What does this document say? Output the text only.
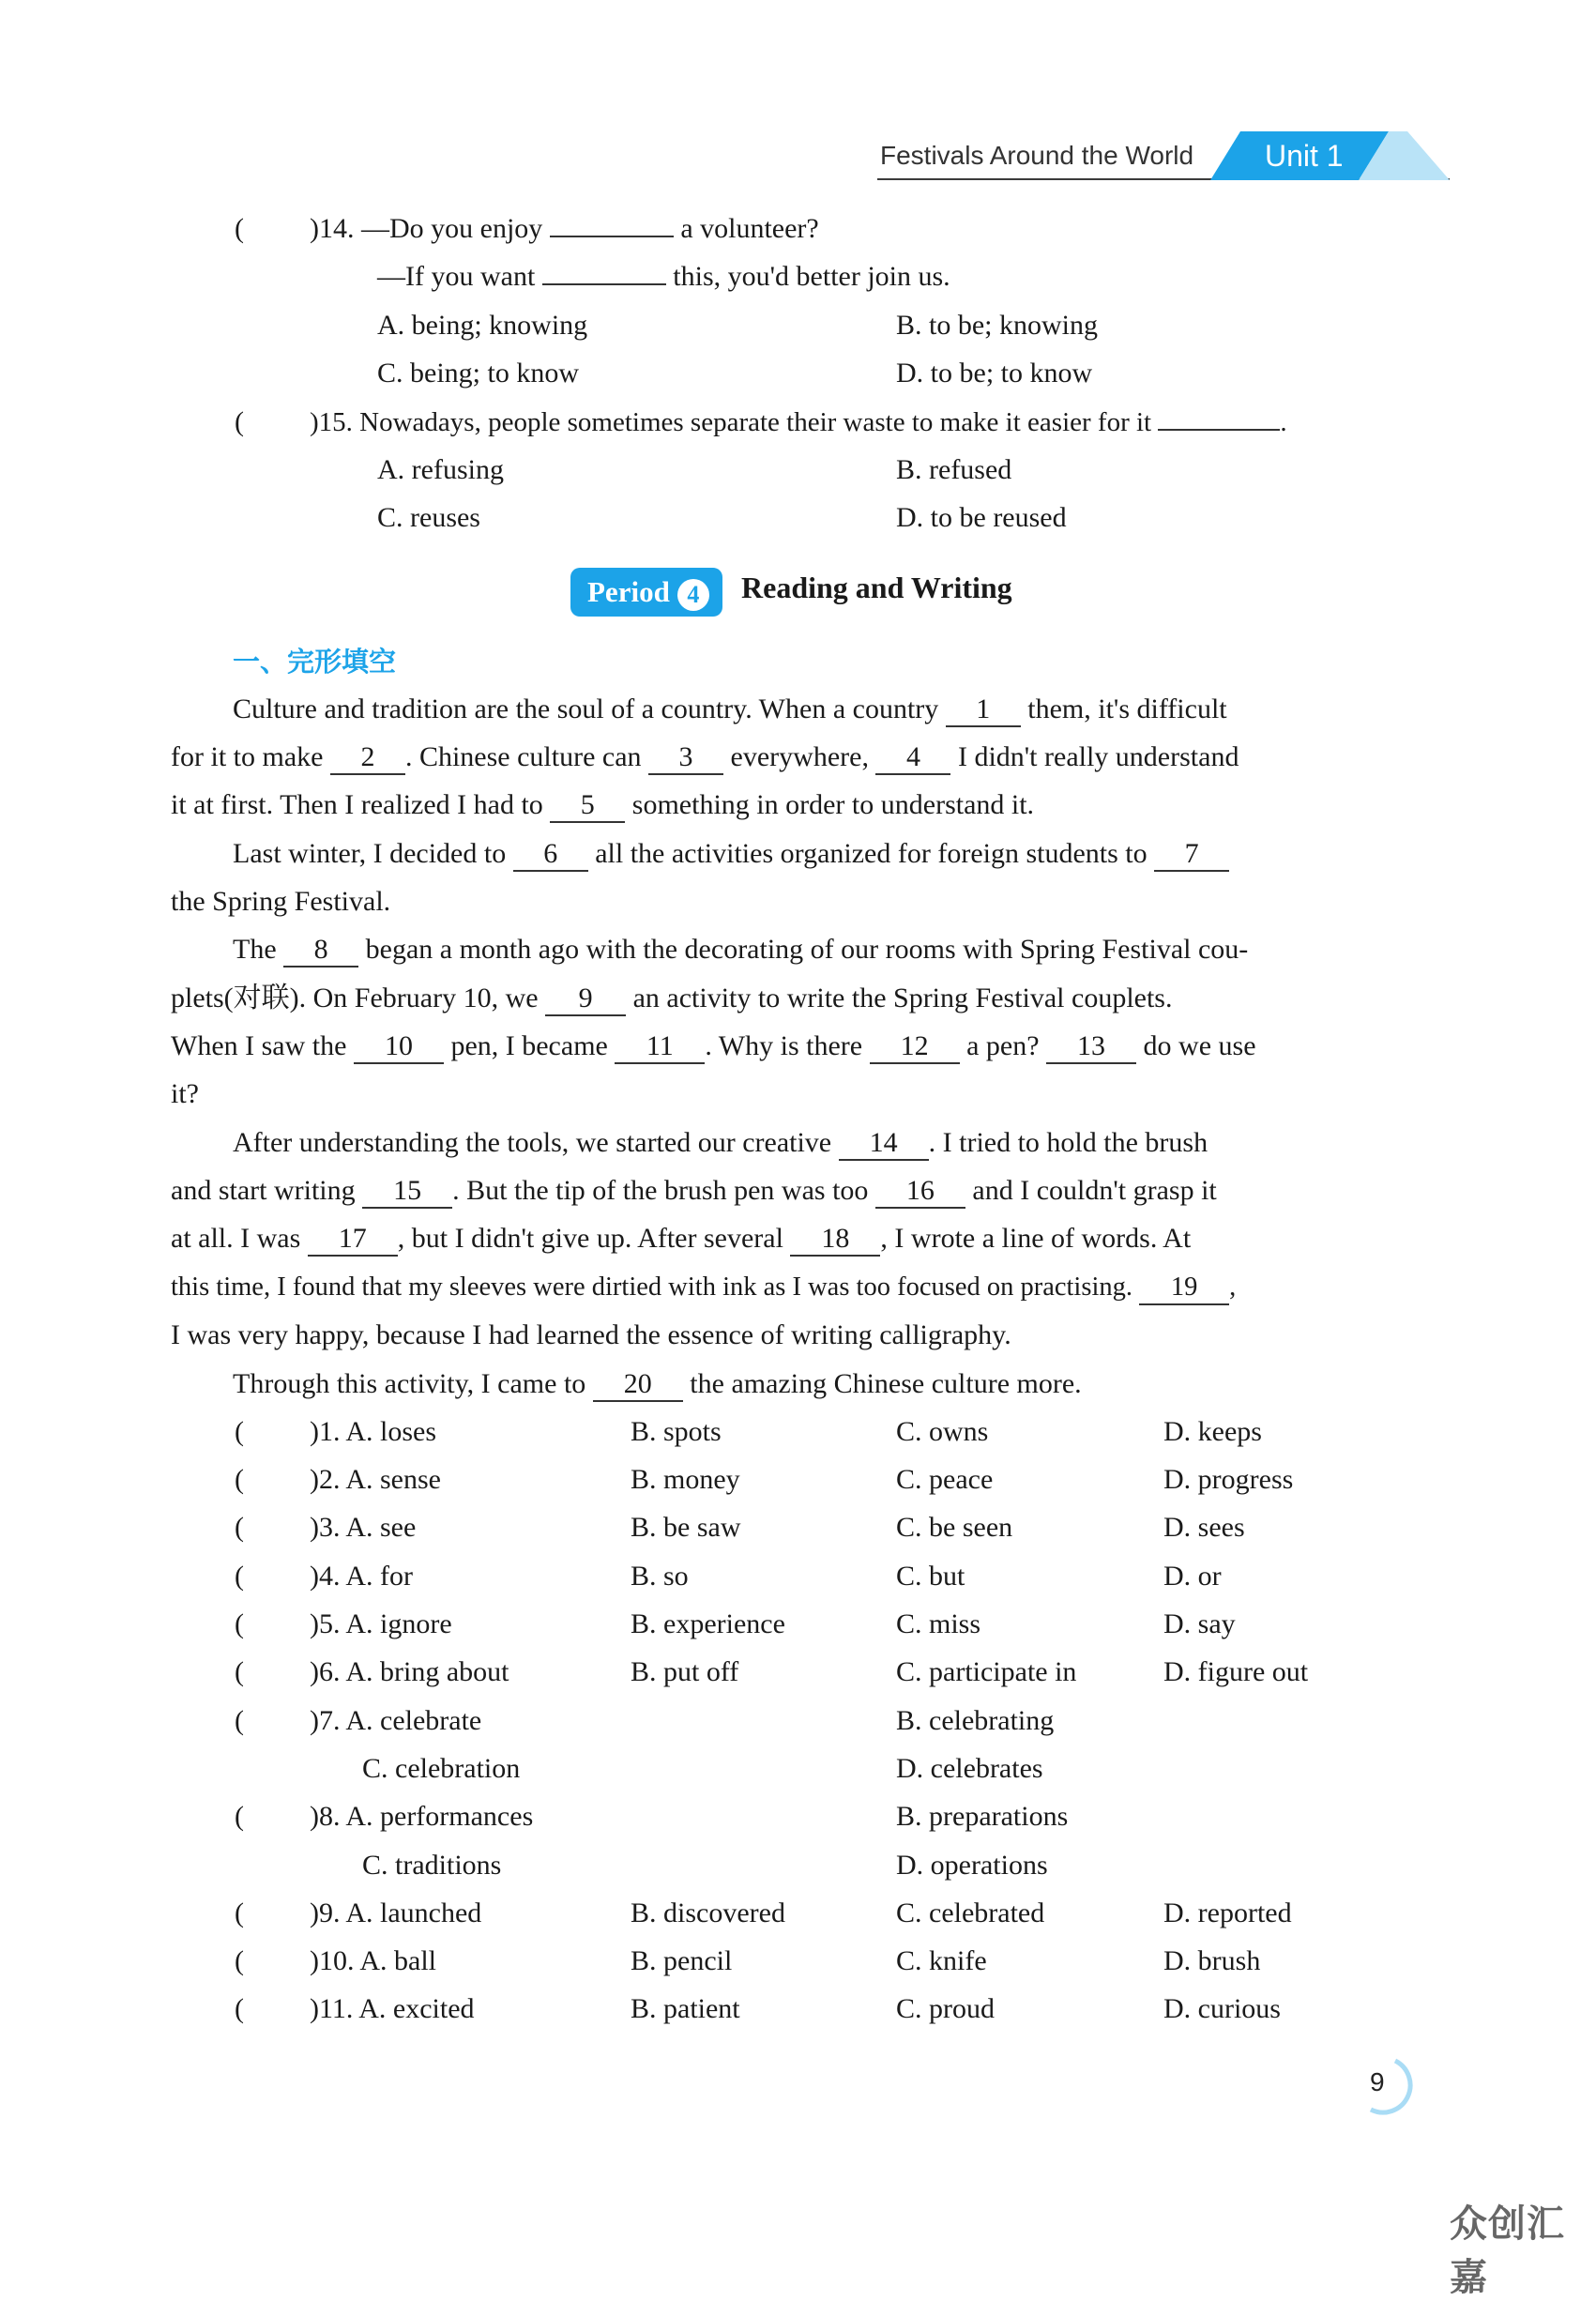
Festivals Around the World Unit 1
( )14. —Do you enjoy	a volunteer?
—If you want	this, you'd better join us.
A. being; knowing	B. to be; knowing
C. being; to know	D. to be; to know
( )15. Nowadays, people sometimes separate their waste to make it easier for it	.
A. refusing	B. refused
C. reuses	D. to be reused
Period 4	Reading and Writing
一、完形填空
Culture and tradition are the soul of a country. When a country 1 them, it's difficult
for it to make 2 . Chinese culture can 3 everywhere, 4 I didn't really understand
it at first. Then I realized I had to 5 something in order to understand it.
Last winter, I decided to 6 all the activities organized for foreign students to 7
the Spring Festival.
The 8 began a month ago with the decorating of our rooms with Spring Festival cou-
plets(对联). On February 10, we 9 an activity to write the Spring Festival couplets.
When I saw the 10 pen, I became 11 . Why is there 12 a pen? 13 do we use
it?
After understanding the tools, we started our creative 14 . I tried to hold the brush
and start writing 15 . But the tip of the brush pen was too 16 and I couldn't grasp it
at all. I was 17 , but I didn't give up. After several 18 , I wrote a line of words. At
this time, I found that my sleeves were dirtied with ink as I was too focused on practising. 19 ,
I was very happy, because I had learned the essence of writing calligraphy.
Through this activity, I came to 20 the amazing Chinese culture more.
( )1. A. loses	B. spots	C. owns	D. keeps
( )2. A. sense	B. money	C. peace	D. progress
( )3. A. see	B. be saw	C. be seen	D. sees
( )4. A. for	B. so	C. but	D. or
( )5. A. ignore	B. experience	C. miss	D. say
( )6. A. bring about	B. put off	C. participate in	D. figure out
( )7. A. celebrate	B. celebrating
C. celebration	D. celebrates
( )8. A. performances	B. preparations
C. traditions	D. operations
( )9. A. launched	B. discovered	C. celebrated	D. reported
( )10. A. ball	B. pencil	C. knife	D. brush
( )11. A. excited	B. patient	C. proud	D. curious
9
众创汇嘉
